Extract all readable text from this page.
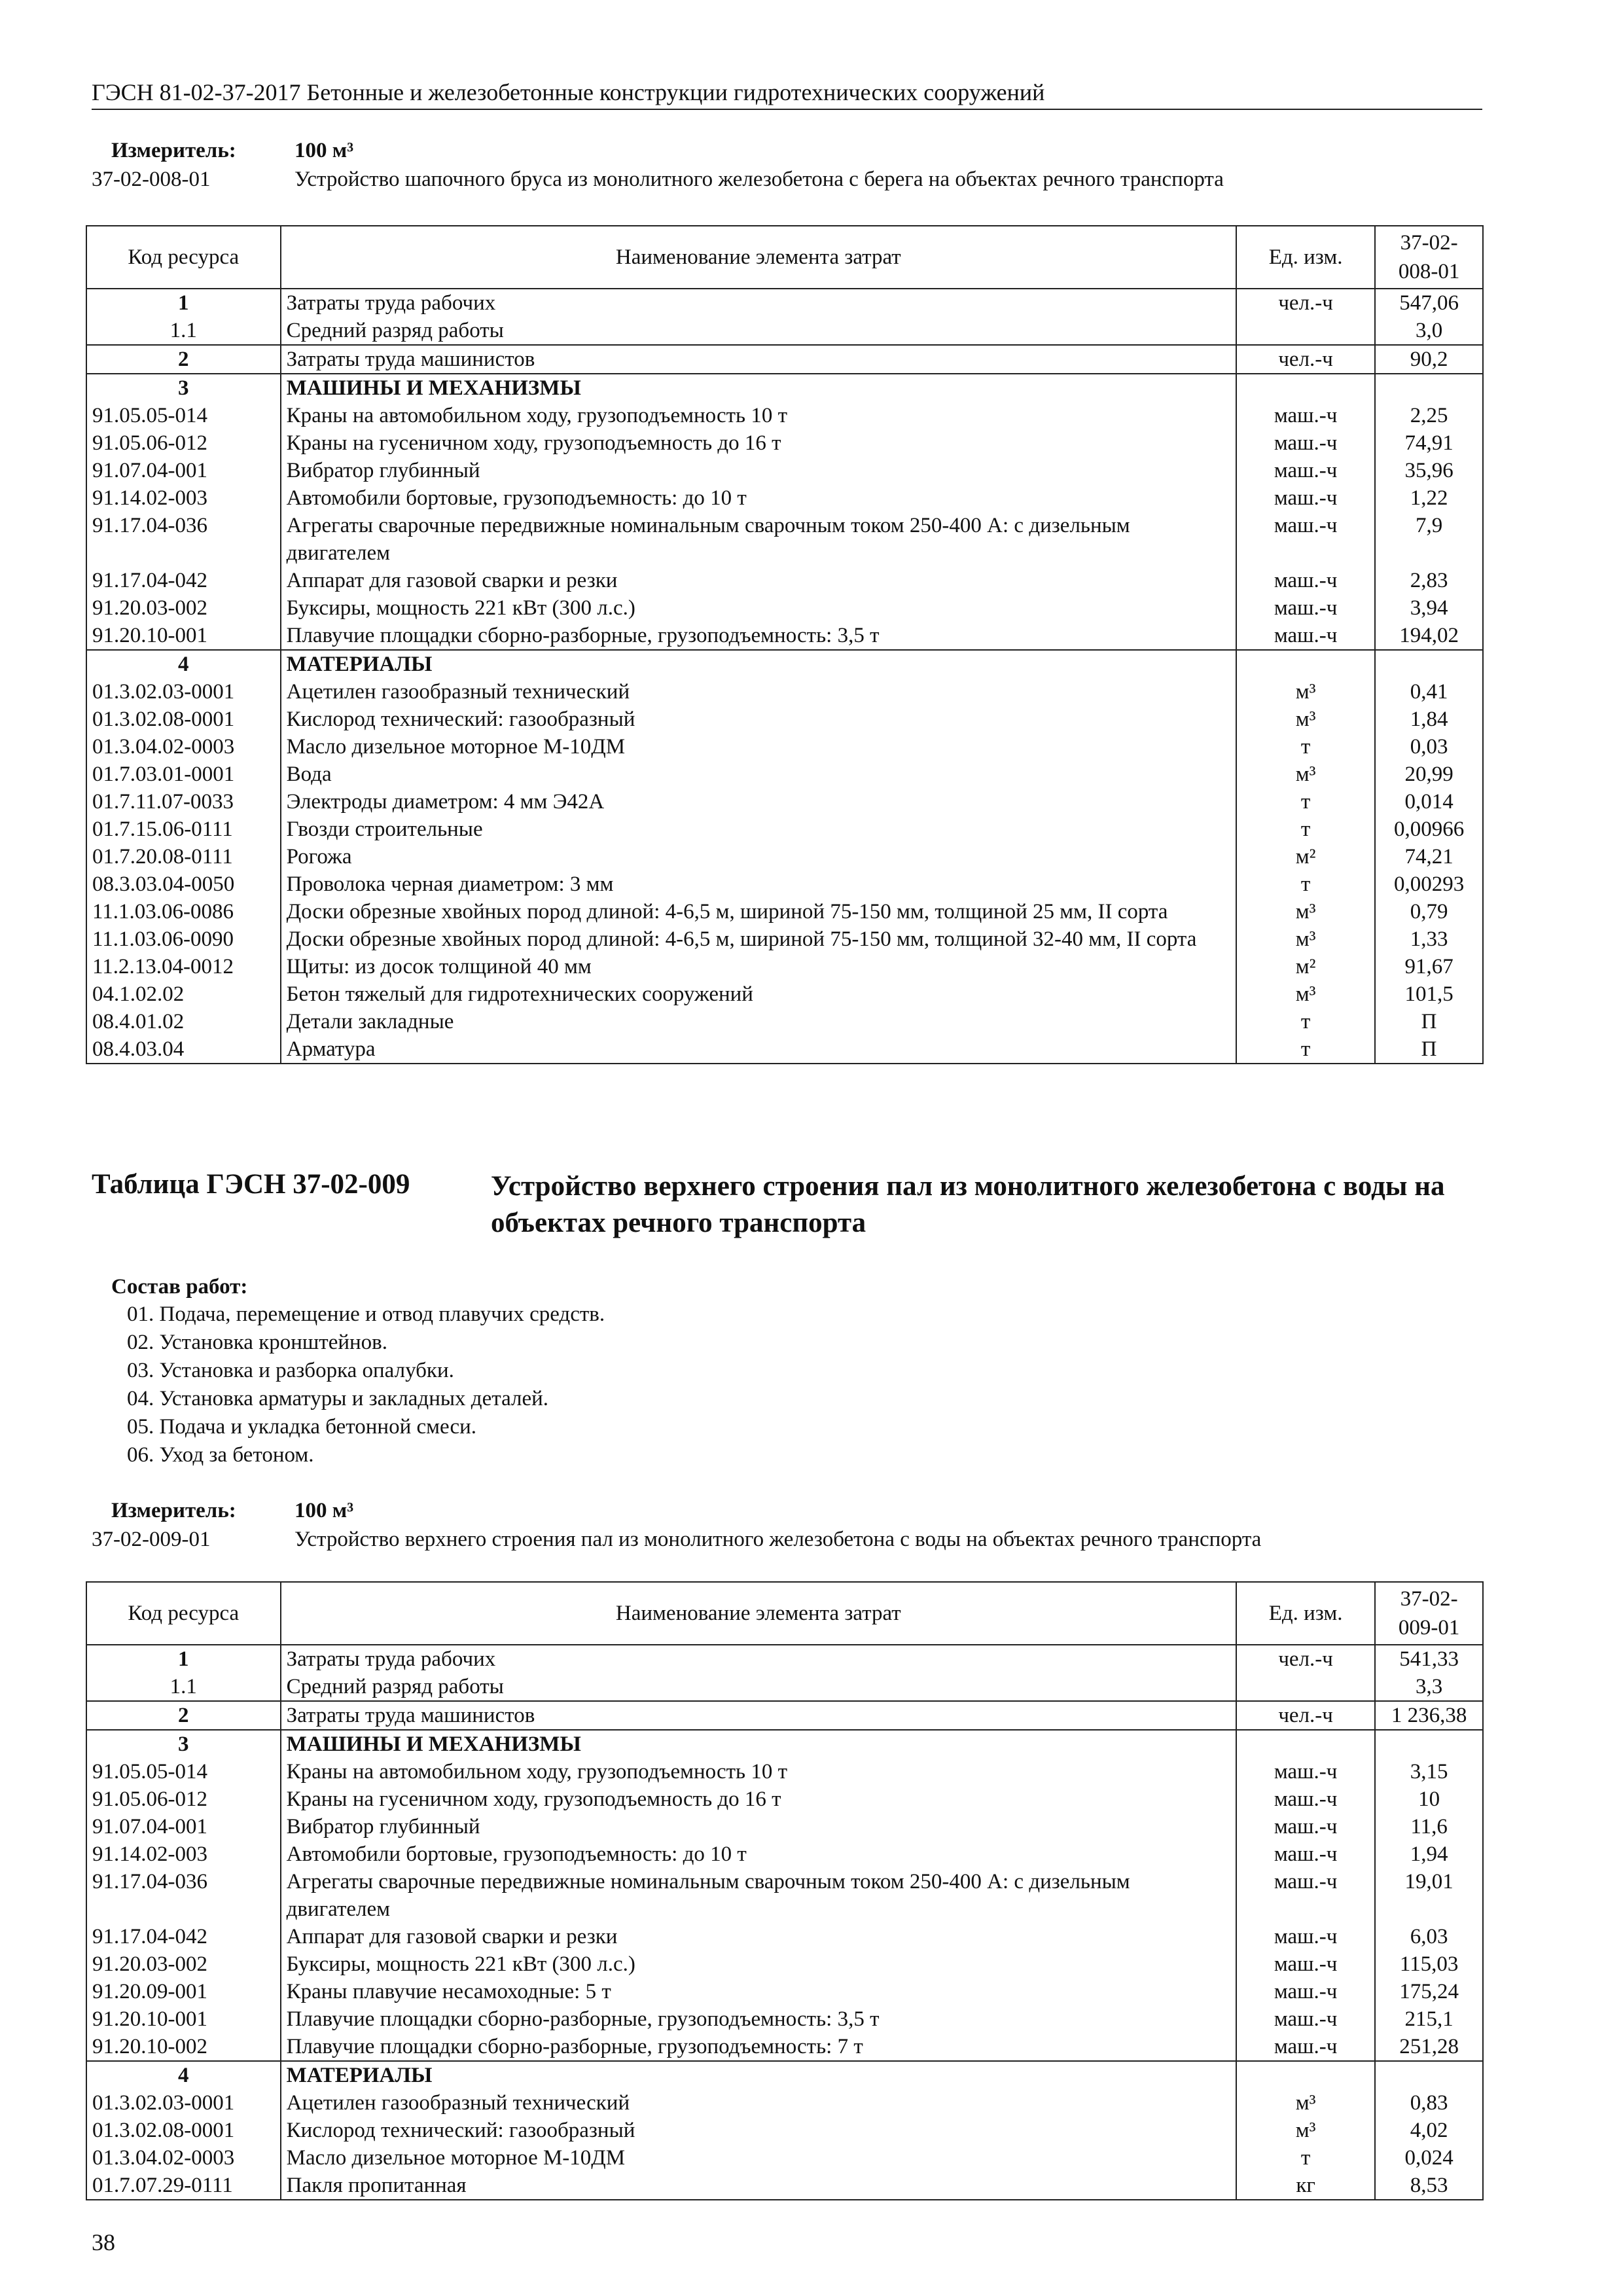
ГЭСН 81-02-37-2017 Бетонные и железобетонные конструкции гидротехнических сооружений
Измеритель:	100 м³
37-02-008-01	Устройство шапочного бруса из монолитного железобетона с берега на объектах речного транспорта
Код ресурса	Наименование элемента затрат	Ед. изм.	37-02-008-01
1	Затраты труда рабочих	чел.-ч	547,06
1.1	Средний разряд работы		3,0
2	Затраты труда машинистов	чел.-ч	90,2
3	МАШИНЫ И МЕХАНИЗМЫ		
91.05.05-014	Краны на автомобильном ходу, грузоподъемность 10 т	маш.-ч	2,25
91.05.06-012	Краны на гусеничном ходу, грузоподъемность до 16 т	маш.-ч	74,91
91.07.04-001	Вибратор глубинный	маш.-ч	35,96
91.14.02-003	Автомобили бортовые, грузоподъемность: до 10 т	маш.-ч	1,22
91.17.04-036	Агрегаты сварочные передвижные номинальным сварочным током 250-400 А: с дизельным двигателем	маш.-ч	7,9
91.17.04-042	Аппарат для газовой сварки и резки	маш.-ч	2,83
91.20.03-002	Буксиры, мощность 221 кВт (300 л.с.)	маш.-ч	3,94
91.20.10-001	Плавучие площадки сборно-разборные, грузоподъемность: 3,5 т	маш.-ч	194,02
4	МАТЕРИАЛЫ		
01.3.02.03-0001	Ацетилен газообразный технический	м³	0,41
01.3.02.08-0001	Кислород технический: газообразный	м³	1,84
01.3.04.02-0003	Масло дизельное моторное М-10ДМ	т	0,03
01.7.03.01-0001	Вода	м³	20,99
01.7.11.07-0033	Электроды диаметром: 4 мм Э42А	т	0,014
01.7.15.06-0111	Гвозди строительные	т	0,00966
01.7.20.08-0111	Рогожа	м²	74,21
08.3.03.04-0050	Проволока черная диаметром: 3 мм	т	0,00293
11.1.03.06-0086	Доски обрезные хвойных пород длиной: 4-6,5 м, шириной 75-150 мм, толщиной 25 мм, II сорта	м³	0,79
11.1.03.06-0090	Доски обрезные хвойных пород длиной: 4-6,5 м, шириной 75-150 мм, толщиной 32-40 мм, II сорта	м³	1,33
11.2.13.04-0012	Щиты: из досок толщиной 40 мм	м²	91,67
04.1.02.02	Бетон тяжелый для гидротехнических сооружений	м³	101,5
08.4.01.02	Детали закладные	т	П
08.4.03.04	Арматура	т	П
Таблица ГЭСН 37-02-009	Устройство верхнего строения пал из монолитного железобетона с воды на объектах речного транспорта
Состав работ:
01. Подача, перемещение и отвод плавучих средств.
02. Установка кронштейнов.
03. Установка и разборка опалубки.
04. Установка арматуры и закладных деталей.
05. Подача и укладка бетонной смеси.
06. Уход за бетоном.
Измеритель:	100 м³
37-02-009-01	Устройство верхнего строения пал из монолитного железобетона с воды на объектах речного транспорта
Код ресурса	Наименование элемента затрат	Ед. изм.	37-02-009-01
1	Затраты труда рабочих	чел.-ч	541,33
1.1	Средний разряд работы		3,3
2	Затраты труда машинистов	чел.-ч	1 236,38
3	МАШИНЫ И МЕХАНИЗМЫ		
91.05.05-014	Краны на автомобильном ходу, грузоподъемность 10 т	маш.-ч	3,15
91.05.06-012	Краны на гусеничном ходу, грузоподъемность до 16 т	маш.-ч	10
91.07.04-001	Вибратор глубинный	маш.-ч	11,6
91.14.02-003	Автомобили бортовые, грузоподъемность: до 10 т	маш.-ч	1,94
91.17.04-036	Агрегаты сварочные передвижные номинальным сварочным током 250-400 А: с дизельным двигателем	маш.-ч	19,01
91.17.04-042	Аппарат для газовой сварки и резки	маш.-ч	6,03
91.20.03-002	Буксиры, мощность 221 кВт (300 л.с.)	маш.-ч	115,03
91.20.09-001	Краны плавучие несамоходные: 5 т	маш.-ч	175,24
91.20.10-001	Плавучие площадки сборно-разборные, грузоподъемность: 3,5 т	маш.-ч	215,1
91.20.10-002	Плавучие площадки сборно-разборные, грузоподъемность: 7 т	маш.-ч	251,28
4	МАТЕРИАЛЫ		
01.3.02.03-0001	Ацетилен газообразный технический	м³	0,83
01.3.02.08-0001	Кислород технический: газообразный	м³	4,02
01.3.04.02-0003	Масло дизельное моторное М-10ДМ	т	0,024
01.7.07.29-0111	Пакля пропитанная	кг	8,53
38
